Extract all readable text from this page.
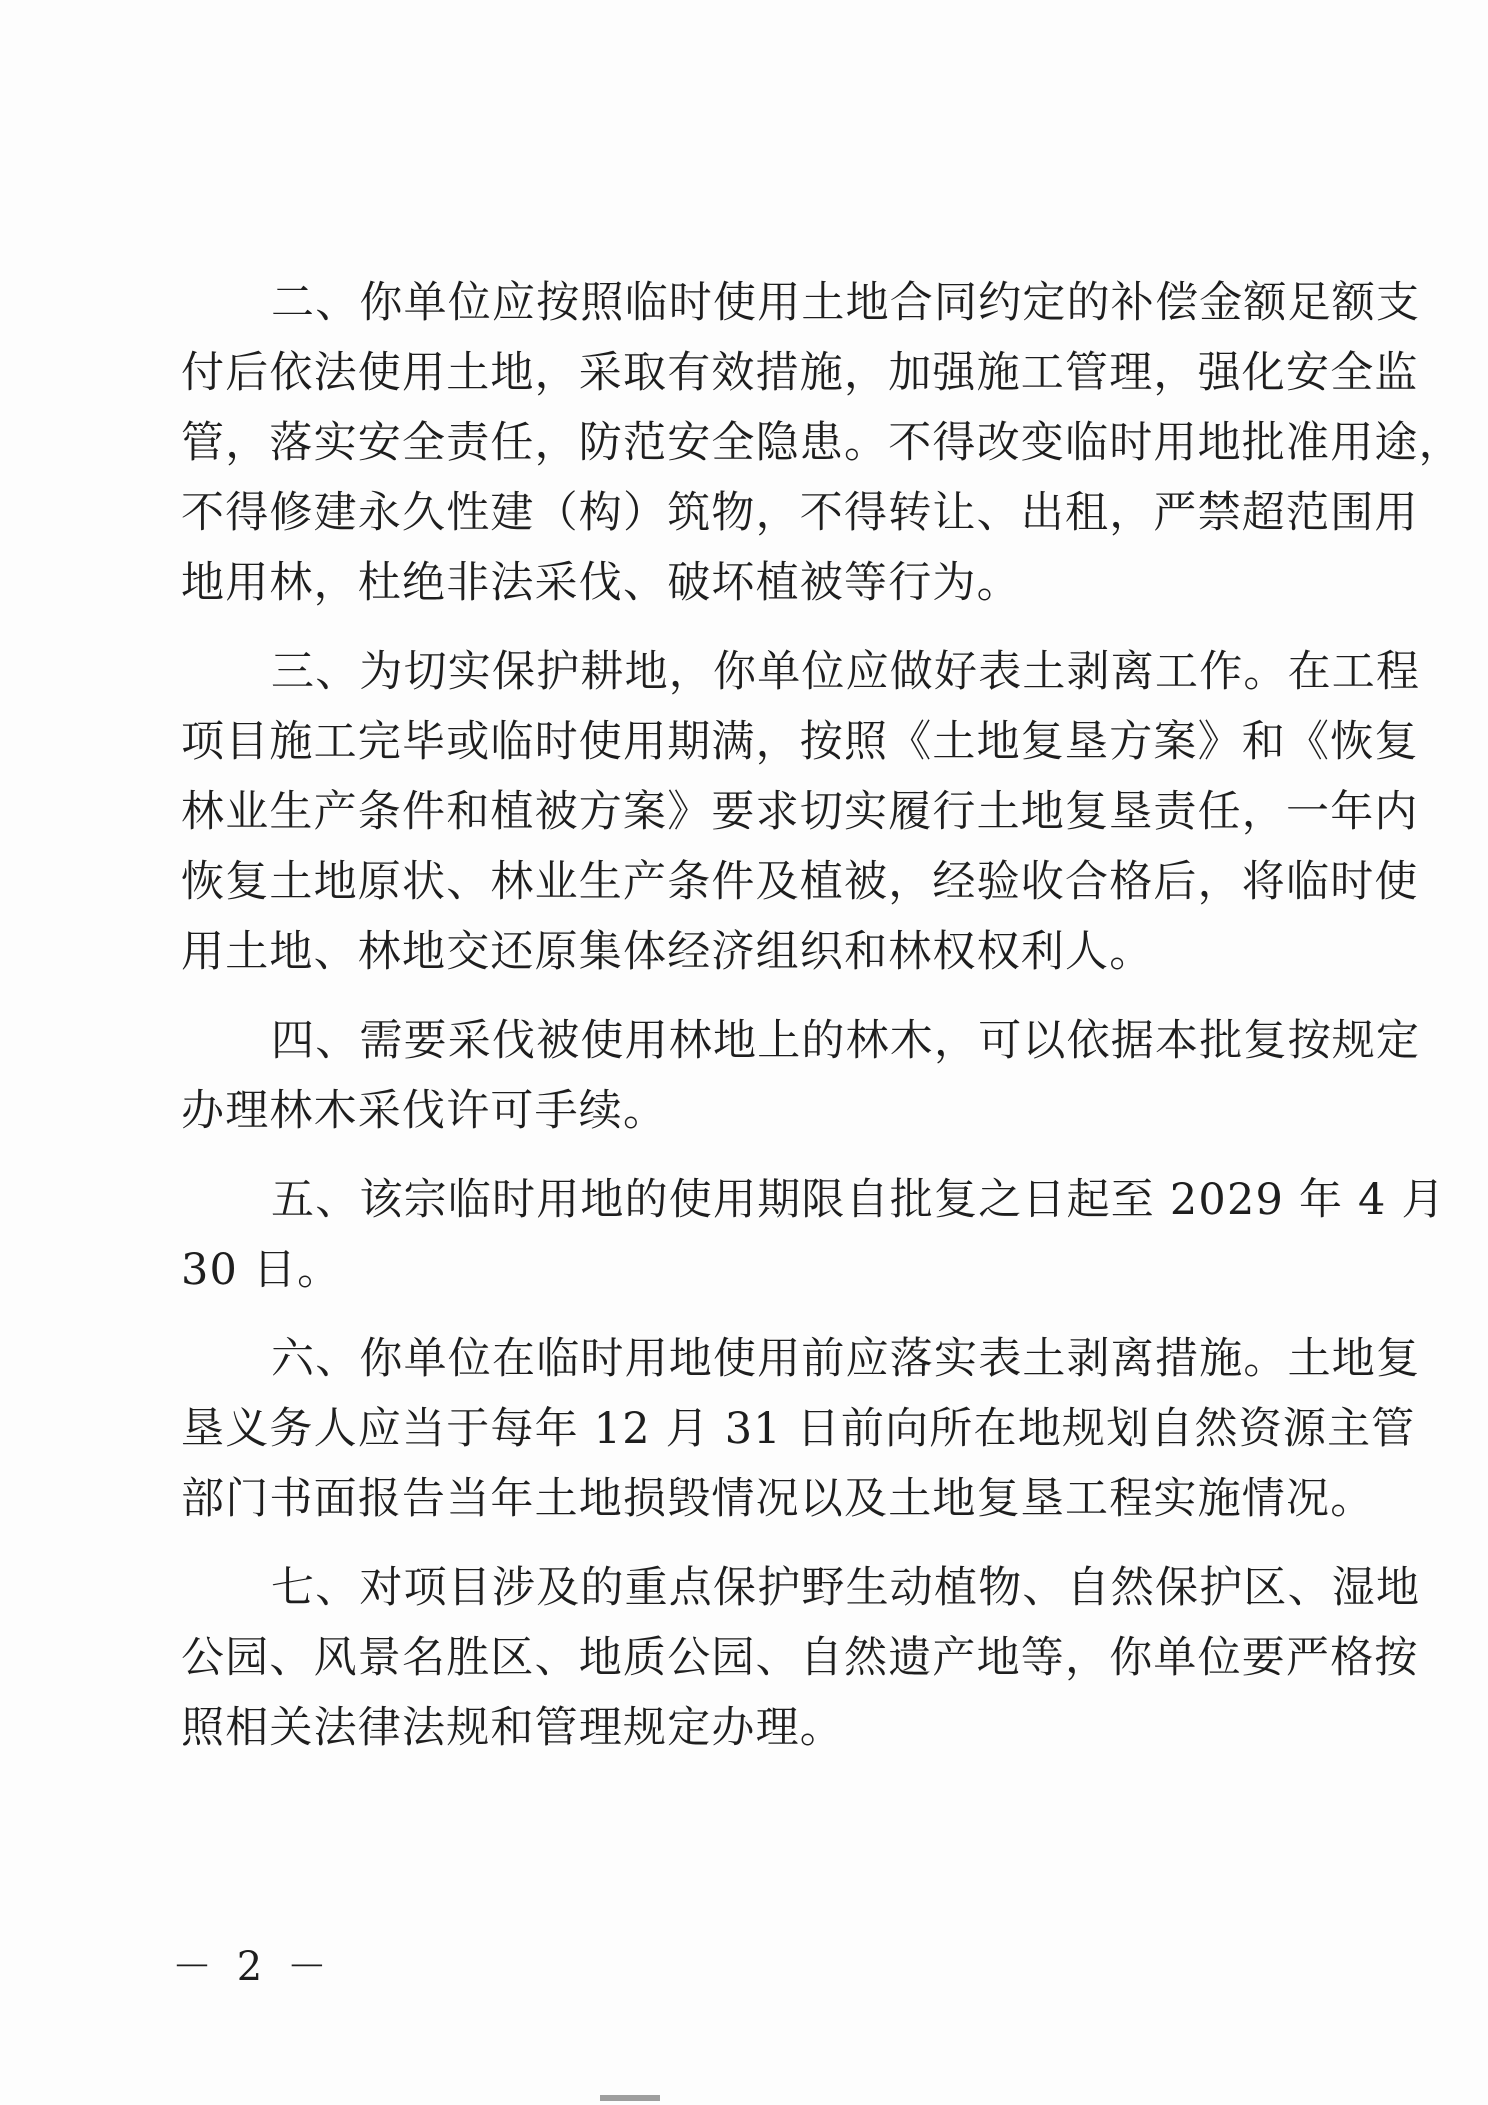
二、你单位应按照临时使用土地合同约定的补偿金额足额支
付后依法使用土地，采取有效措施，加强施工管理，强化安全监
管，落实安全责任，防范安全隐患。不得改变临时用地批准用途，
不得修建永久性建（构）筑物，不得转让、出租，严禁超范围用
地用林，杜绝非法采伐、破坏植被等行为。
三、为切实保护耕地，你单位应做好表土剥离工作。在工程
项目施工完毕或临时使用期满，按照《土地复垦方案》和《恢复
林业生产条件和植被方案》要求切实履行土地复垦责任，一年内
恢复土地原状、林业生产条件及植被，经验收合格后，将临时使
用土地、林地交还原集体经济组织和林权权利人。
四、需要采伐被使用林地上的林木，可以依据本批复按规定
办理林木采伐许可手续。
五、该宗临时用地的使用期限自批复之日起至 2029 年 4 月
30 日。
六、你单位在临时用地使用前应落实表土剥离措施。土地复
垦义务人应当于每年 12 月 31 日前向所在地规划自然资源主管
部门书面报告当年土地损毁情况以及土地复垦工程实施情况。
七、对项目涉及的重点保护野生动植物、自然保护区、湿地
公园、风景名胜区、地质公园、自然遗产地等，你单位要严格按
照相关法律法规和管理规定办理。
－ 2 －
